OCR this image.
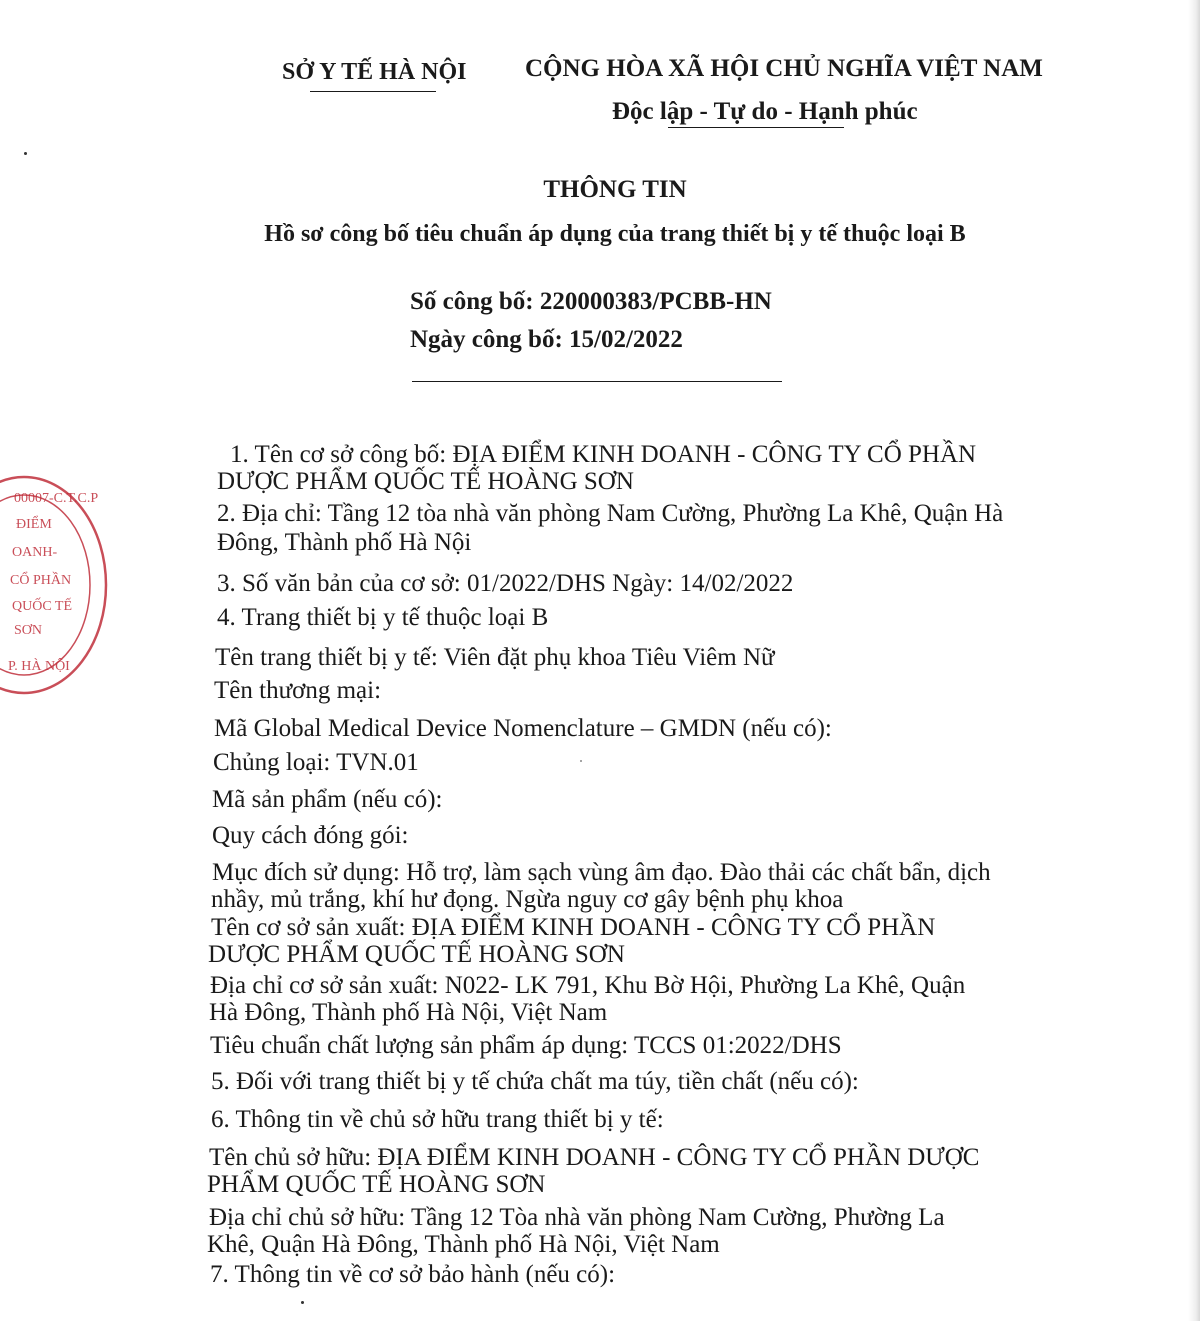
SỞ Y TẾ HÀ NỘI CỘNG HÒA XÃ HỘI CHỦ NGHĨA VIỆT NAM
Độc lập - Tự do - Hạnh phúc
THÔNG TIN
Hồ sơ công bố tiêu chuẩn áp dụng của trang thiết bị y tế thuộc loại B
Số công bố: 220000383/PCBB-HN
Ngày công bố: 15/02/2022
1. Tên cơ sở công bố: ĐỊA ĐIỂM KINH DOANH - CÔNG TY CỔ PHẦN
DƯỢC PHẨM QUỐC TẾ HOÀNG SƠN
2. Địa chỉ: Tầng 12 tòa nhà văn phòng Nam Cường, Phường La Khê, Quận Hà
Đông, Thành phố Hà Nội
3. Số văn bản của cơ sở: 01/2022/DHS Ngày: 14/02/2022
4. Trang thiết bị y tế thuộc loại B
Tên trang thiết bị y tế: Viên đặt phụ khoa Tiêu Viêm Nữ
Tên thương mại:
Mã Global Medical Device Nomenclature – GMDN (nếu có):
Chủng loại: TVN.01
Mã sản phẩm (nếu có):
Quy cách đóng gói:
Mục đích sử dụng: Hỗ trợ, làm sạch vùng âm đạo. Đào thải các chất bẩn, dịch
nhầy, mủ trắng, khí hư đọng. Ngừa nguy cơ gây bệnh phụ khoa
Tên cơ sở sản xuất: ĐỊA ĐIỂM KINH DOANH - CÔNG TY CỔ PHẦN
DƯỢC PHẨM QUỐC TẾ HOÀNG SƠN
Địa chỉ cơ sở sản xuất: N022- LK 791, Khu Bờ Hội, Phường La Khê, Quận
Hà Đông, Thành phố Hà Nội, Việt Nam
Tiêu chuẩn chất lượng sản phẩm áp dụng: TCCS 01:2022/DHS
5. Đối với trang thiết bị y tế chứa chất ma túy, tiền chất (nếu có):
6. Thông tin về chủ sở hữu trang thiết bị y tế:
Tên chủ sở hữu: ĐỊA ĐIỂM KINH DOANH - CÔNG TY CỔ PHẦN DƯỢC
PHẨM QUỐC TẾ HOÀNG SƠN
Địa chỉ chủ sở hữu: Tầng 12 Tòa nhà văn phòng Nam Cường, Phường La
Khê, Quận Hà Đông, Thành phố Hà Nội, Việt Nam
7. Thông tin về cơ sở bảo hành (nếu có):
00007-C.T.C.P
ĐIỂM
OANH-
CỔ PHẦN
QUỐC TẾ
SƠN
P. HÀ NỘI
